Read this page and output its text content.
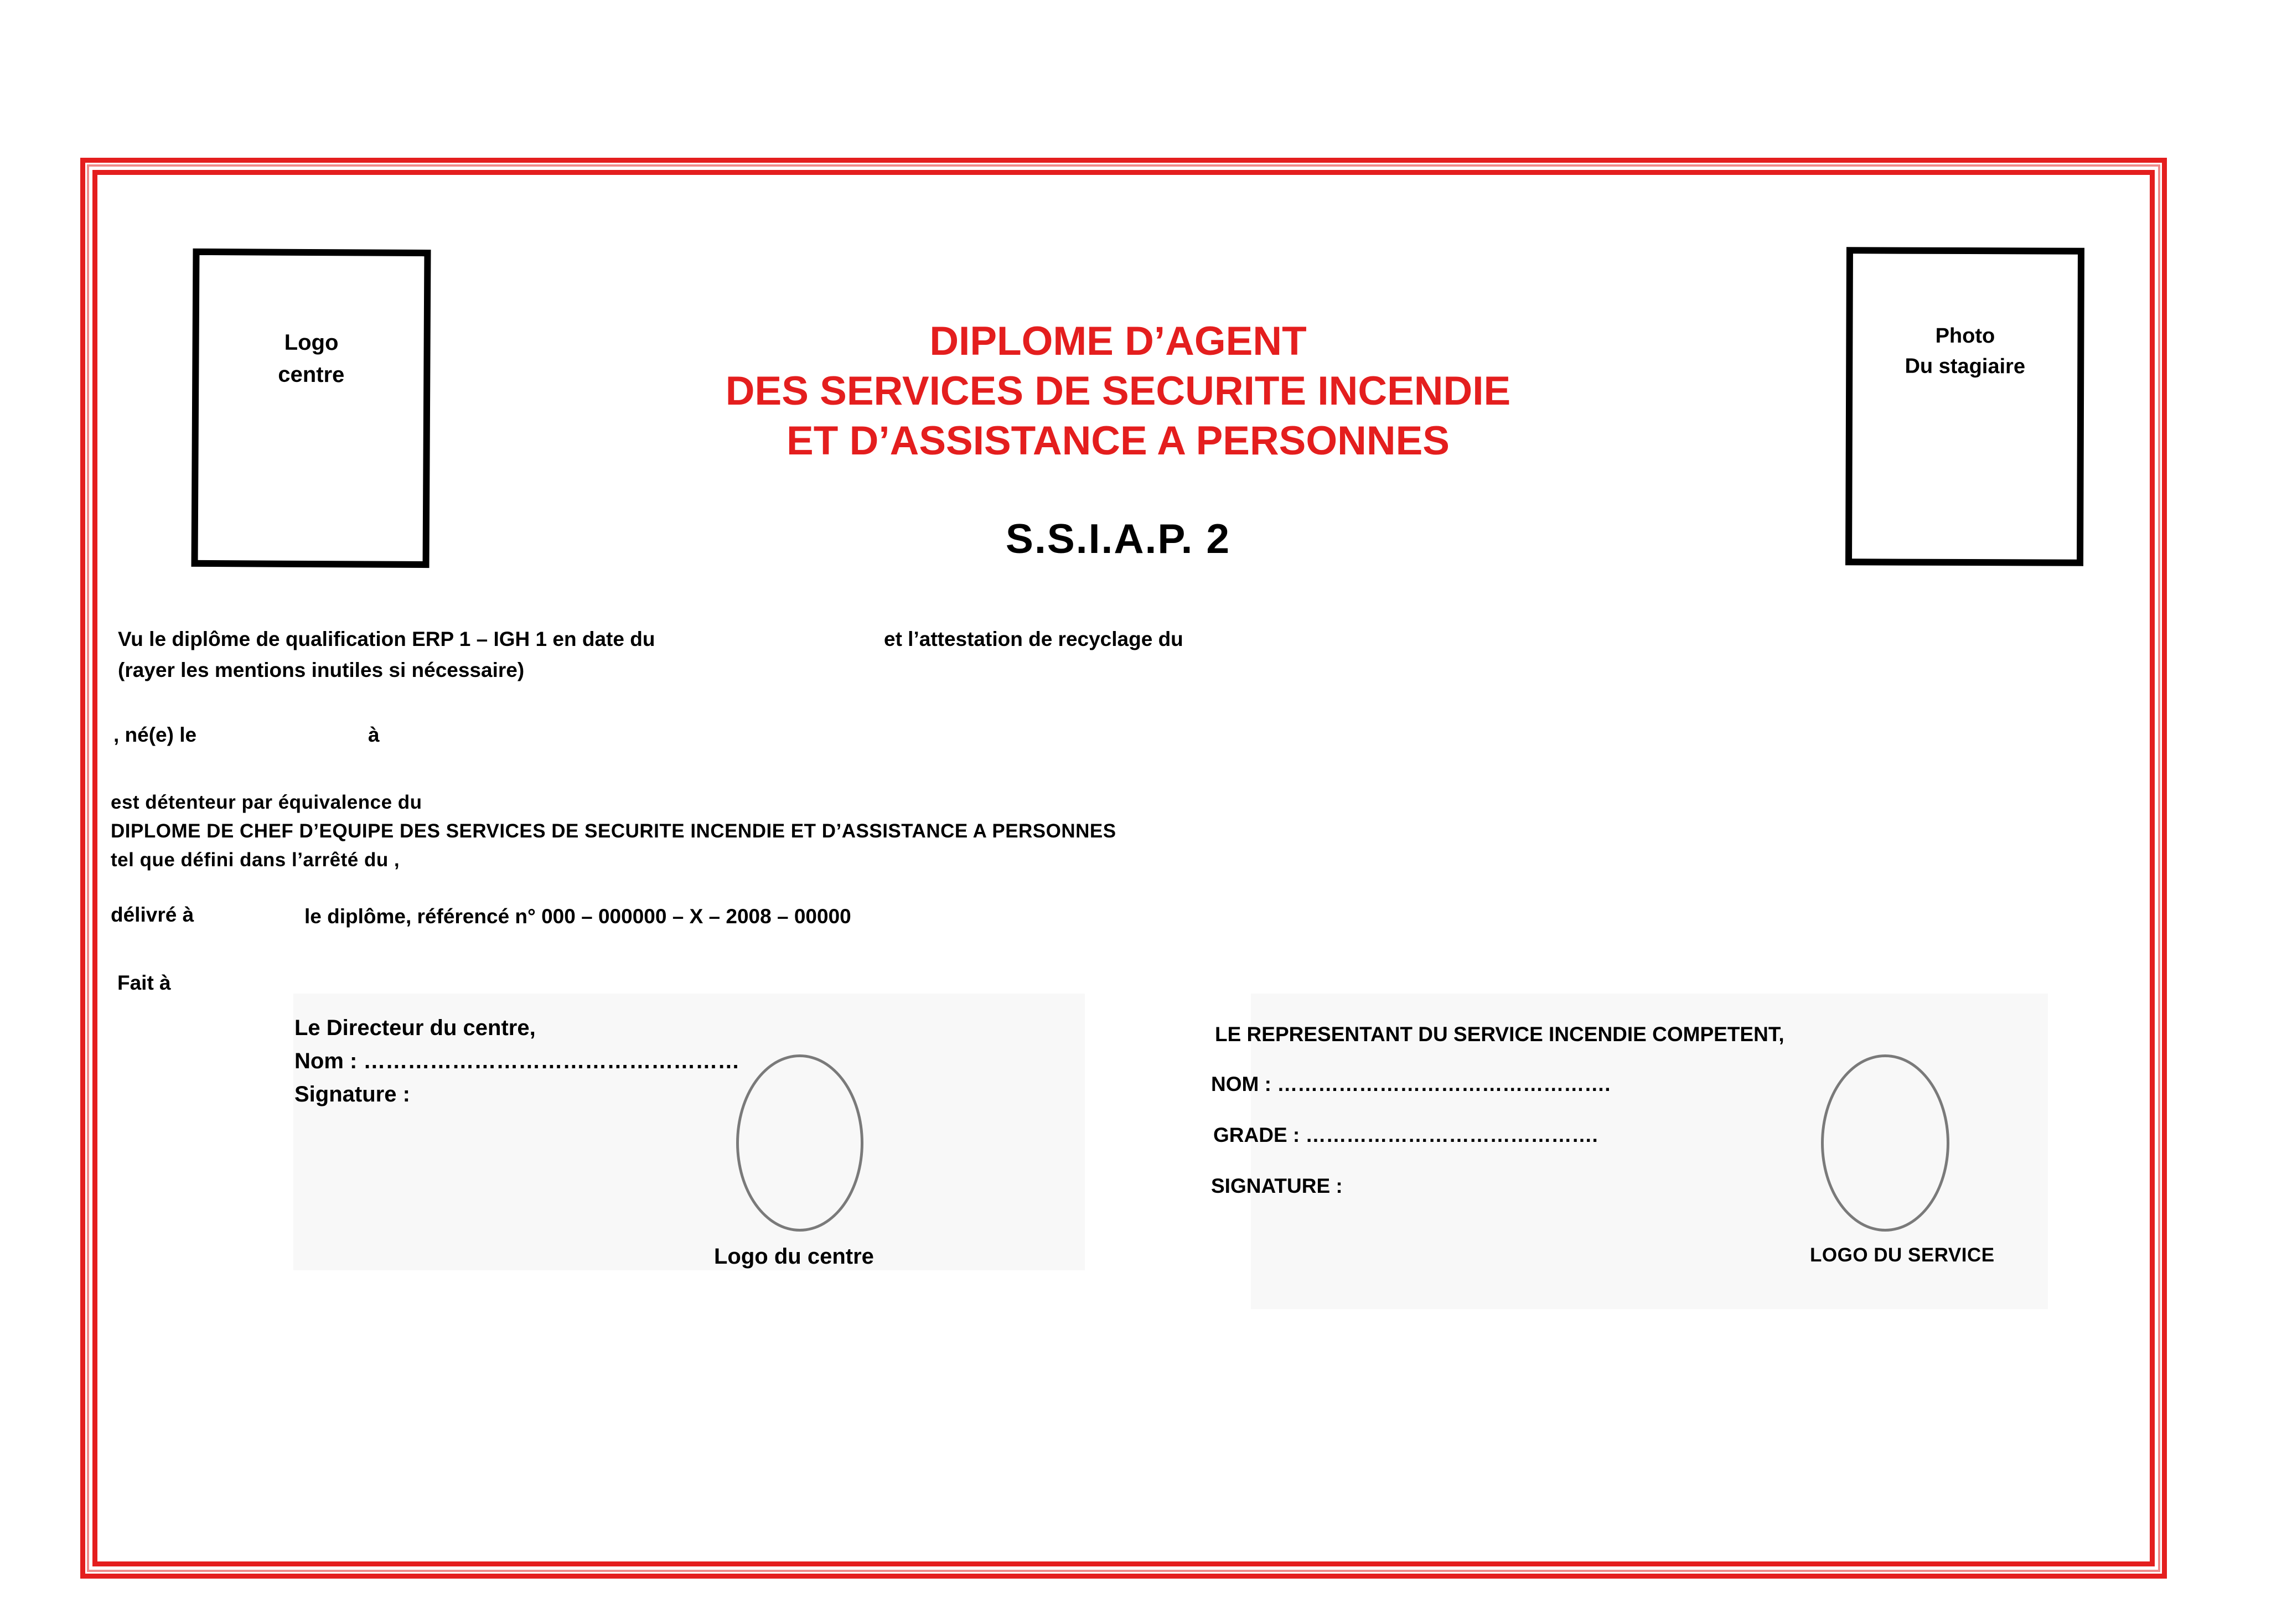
Logo
centre
Photo
Du stagiaire
DIPLOME D’AGENT
DES SERVICES DE SECURITE INCENDIE
ET D’ASSISTANCE A PERSONNES
S.S.I.A.P. 2
Vu le diplôme de qualification ERP 1 – IGH 1 en date du	et l’attestation de recyclage du
(rayer les mentions inutiles si nécessaire)
, né(e) le	à
est détenteur par équivalence du
DIPLOME DE CHEF D’EQUIPE DES SERVICES DE SECURITE INCENDIE ET D’ASSISTANCE A PERSONNES
tel que défini dans l’arrêté du ,
délivré à	le diplôme, référencé n° 000 – 000000 – X – 2008 – 00000
Fait à
Le Directeur du centre,
Nom : ……………………………………………
Signature :
Logo du centre
LE REPRESENTANT DU SERVICE INCENDIE COMPETENT,
NOM : ………………………………………….
GRADE : …………………………………….
SIGNATURE :
LOGO DU SERVICE
